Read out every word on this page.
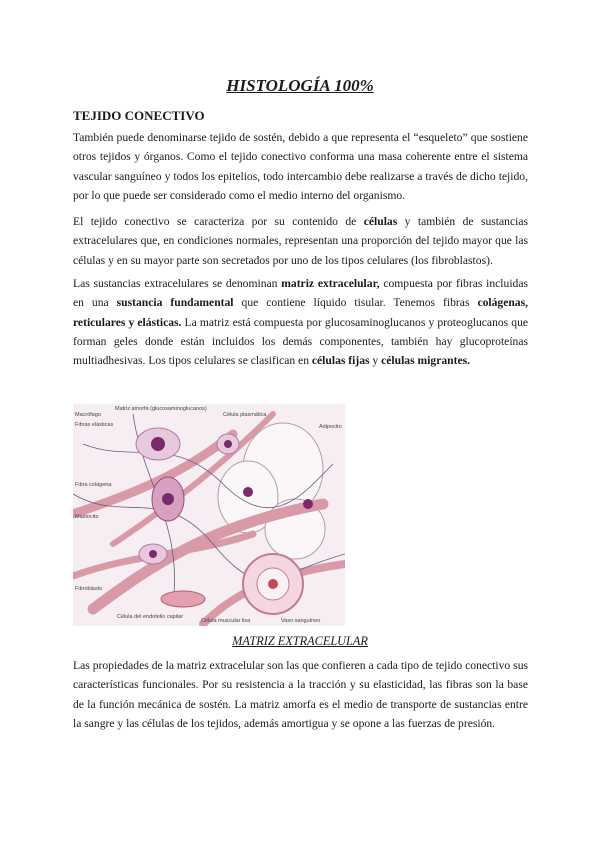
HISTOLOGÍA 100%
TEJIDO CONECTIVO

También puede denominarse tejido de sostén, debido a que representa el “esqueleto” que sostiene otros tejidos y órganos. Como el tejido conectivo conforma una masa coherente entre el sistema vascular sanguíneo y todos los epitelios, todo intercambio debe realizarse a través de dicho tejido, por lo que puede ser considerado como el medio interno del organismo.

El tejido conectivo se caracteriza por su contenido de células y también de sustancias extracelulares que, en condiciones normales, representan una proporción del tejido mayor que las células y en su mayor parte son secretados por uno de los tipos celulares (los fibroblastos).

Las sustancias extracelulares se denominan matriz extracelular, compuesta por fibras incluidas en una sustancia fundamental que contiene líquido tisular. Tenemos fibras colágenas, reticulares y elásticas. La matriz está compuesta por glucosaminoglucanos y proteoglucanos que forman geles donde están incluidos los demás componentes, también hay glucoproteínas multiadhesivas. Los tipos celulares se clasifican en células fijas y células migrantes.

Macrófago
Matriz amorfa (glucosaminoglucanos)
Célula plasmática
Adipocito
Fibras elásticas
Fibra colágena
Mastocito
Fibroblasto
Célula del endotelio capilar
Célula muscular lisa	Vaso sanguíneo
MATRIZ EXTRACELULAR

Las propiedades de la matriz extracelular son las que confieren a cada tipo de tejido conectivo sus características funcionales. Por su resistencia a la tracción y su elasticidad, las fibras son la base de la función mecánica de sostén. La matriz amorfa es el medio de transporte de sustancias entre la sangre y las células de los tejidos, además amortigua y se opone a las fuerzas de presión.
